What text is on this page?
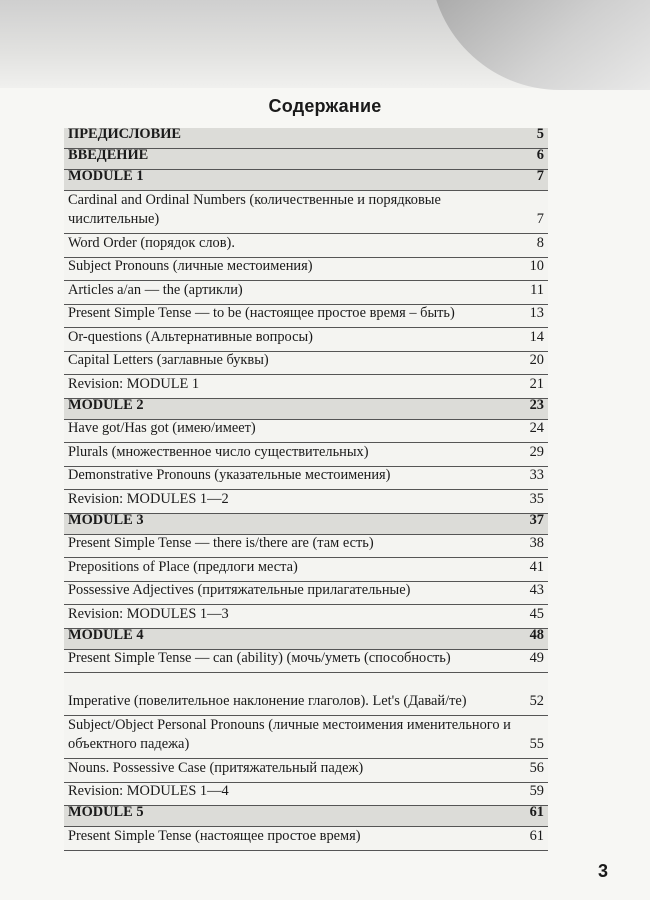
Содержание
ПРЕДИСЛОВИЕ	5
ВВЕДЕНИЕ	6
MODULE 1	7
Cardinal and Ordinal Numbers (количественные и порядковые числительные)	7
Word Order (порядок слов).	8
Subject Pronouns (личные местоимения)	10
Articles a/an — the (артикли)	11
Present Simple Tense — to be (настоящее простое время – быть)	13
Or-questions (Альтернативные вопросы)	14
Capital Letters (заглавные буквы)	20
Revision: MODULE 1	21
MODULE 2	23
Have got/Has got (имею/имеет)	24
Plurals (множественное число существительных)	29
Demonstrative Pronouns (указательные местоимения)	33
Revision: MODULES 1—2	35
MODULE 3	37
Present Simple Tense — there is/there are (там есть)	38
Prepositions of Place (предлоги места)	41
Possessive Adjectives (притяжательные прилагательные)	43
Revision: MODULES 1—3	45
MODULE 4	48
Present Simple Tense — can (ability) (мочь/уметь (способность)	49
Imperative (повелительное наклонение глаголов). Let's (Давай/те)	52
Subject/Object Personal Pronouns (личные местоимения именительного и объектного падежа)	55
Nouns. Possessive Case (притяжательный падеж)	56
Revision: MODULES 1—4	59
MODULE 5	61
Present Simple Tense (настоящее простое время)	61
3
